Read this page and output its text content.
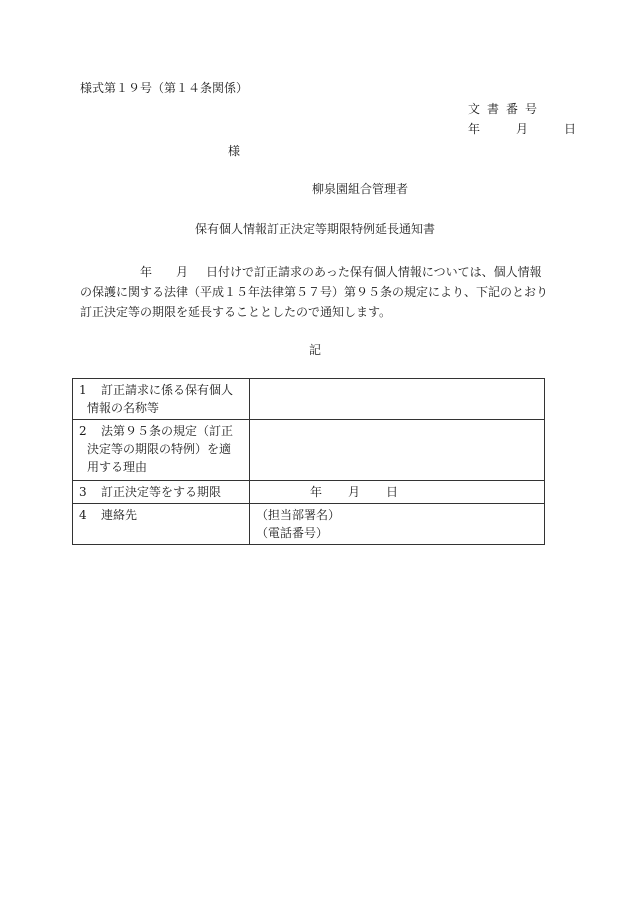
様式第１９号（第１４条関係）
文書番号
年	月	日
様
柳泉園組合管理者
保有個人情報訂正決定等期限特例延長通知書
年 月 日付けで訂正請求のあった保有個人情報については、個人情報
の保護に関する法律（平成１５年法律第５７号）第９５条の規定により、下記のとおり
訂正決定等の期限を延長することとしたので通知します。
記
1 訂正請求に係る保有個人
情報の名称等	

2 法第９５条の規定（訂正
決定等の期限の特例）を適
用する理由	

3 訂正決定等をする期限	年 月 日
4 連絡先	（担当部署名）
（電話番号）
